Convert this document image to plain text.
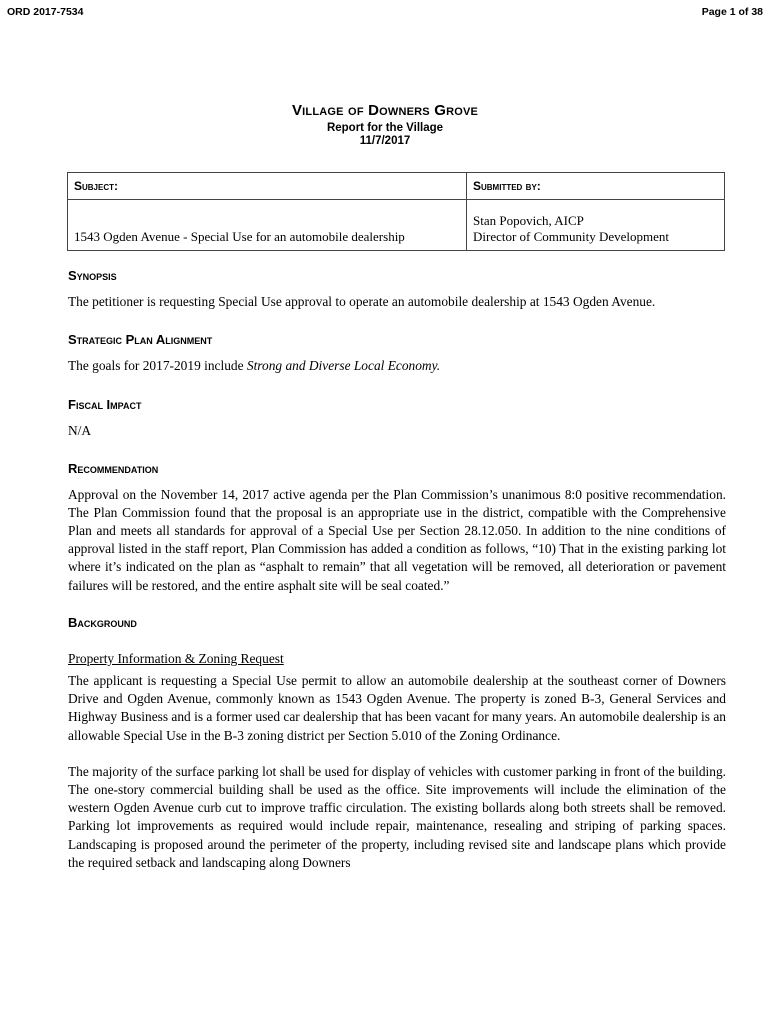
ORD 2017-7534	Page 1 of 38
Village of Downers Grove
Report for the Village
11/7/2017
Subject:	Submitted by:
1543 Ogden Avenue - Special Use for an automobile dealership	Stan Popovich, AICP
Director of Community Development
Synopsis

The petitioner is requesting Special Use approval to operate an automobile dealership at 1543 Ogden Avenue.

Strategic Plan Alignment

The goals for 2017-2019 include Strong and Diverse Local Economy.

Fiscal Impact

N/A

Recommendation

Approval on the November 14, 2017 active agenda per the Plan Commission’s unanimous 8:0 positive recommendation. The Plan Commission found that the proposal is an appropriate use in the district, compatible with the Comprehensive Plan and meets all standards for approval of a Special Use per Section 28.12.050. In addition to the nine conditions of approval listed in the staff report, Plan Commission has added a condition as follows, “10) That in the existing parking lot where it’s indicated on the plan as “asphalt to remain” that all vegetation will be removed, all deterioration or pavement failures will be restored, and the entire asphalt site will be seal coated.”

Background

Property Information & Zoning Request

The applicant is requesting a Special Use permit to allow an automobile dealership at the southeast corner of Downers Drive and Ogden Avenue, commonly known as 1543 Ogden Avenue. The property is zoned B-3, General Services and Highway Business and is a former used car dealership that has been vacant for many years. An automobile dealership is an allowable Special Use in the B-3 zoning district per Section 5.010 of the Zoning Ordinance.

The majority of the surface parking lot shall be used for display of vehicles with customer parking in front of the building. The one-story commercial building shall be used as the office. Site improvements will include the elimination of the western Ogden Avenue curb cut to improve traffic circulation. The existing bollards along both streets shall be removed. Parking lot improvements as required would include repair, maintenance, resealing and striping of parking spaces. Landscaping is proposed around the perimeter of the property, including revised site and landscape plans which provide the required setback and landscaping along Downers
